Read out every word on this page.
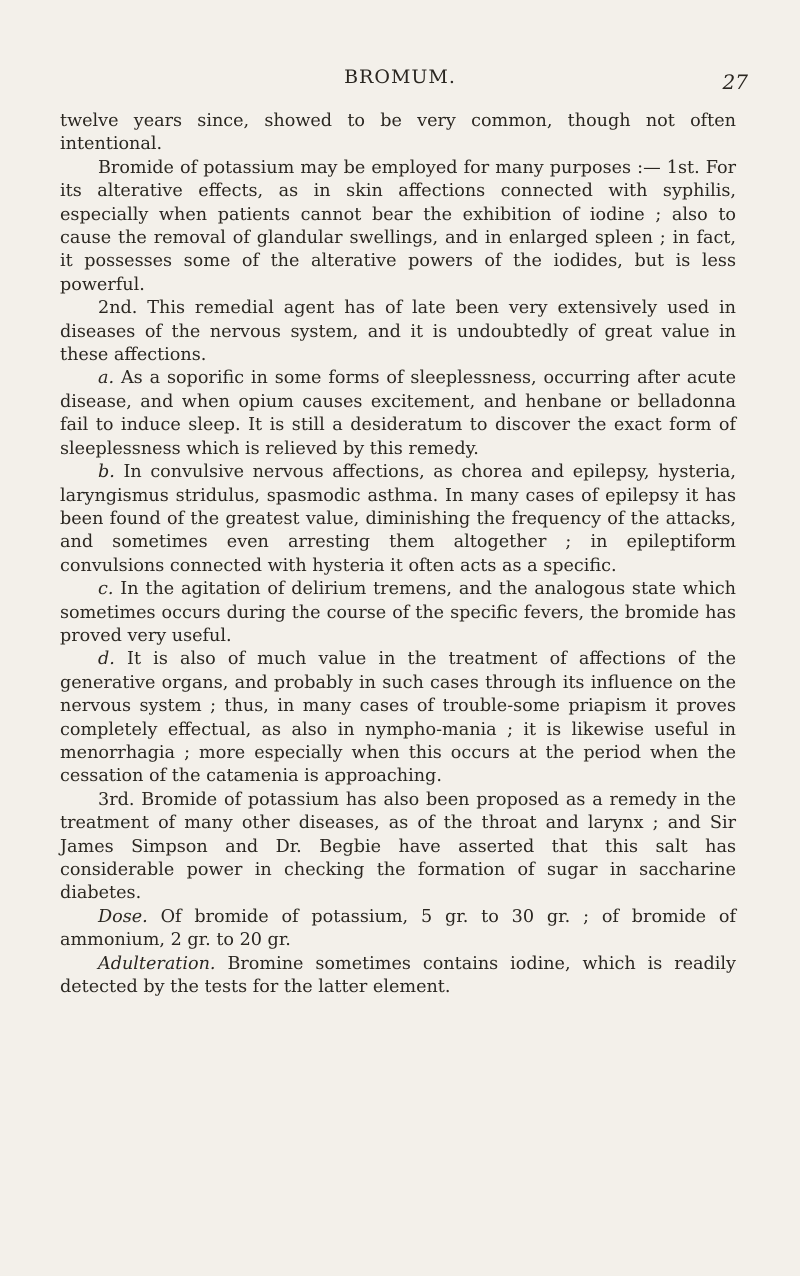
BROMUM.	27

twelve years since, showed to be very common, though not often intentional.

Bromide of potassium may be employed for many purposes :— 1st. For its alterative effects, as in skin affections connected with syphilis, especially when patients cannot bear the exhibition of iodine ; also to cause the removal of glandular swellings, and in enlarged spleen ; in fact, it possesses some of the alterative powers of the iodides, but is less powerful.

2nd. This remedial agent has of late been very extensively used in diseases of the nervous system, and it is undoubtedly of great value in these affections.

a. As a soporific in some forms of sleeplessness, occurring after acute disease, and when opium causes excitement, and henbane or belladonna fail to induce sleep. It is still a desideratum to discover the exact form of sleeplessness which is relieved by this remedy.

b. In convulsive nervous affections, as chorea and epilepsy, hysteria, laryngismus stridulus, spasmodic asthma. In many cases of epilepsy it has been found of the greatest value, diminishing the frequency of the attacks, and sometimes even arresting them altogether ; in epileptiform convulsions connected with hysteria it often acts as a specific.

c. In the agitation of delirium tremens, and the analogous state which sometimes occurs during the course of the specific fevers, the bromide has proved very useful.

d. It is also of much value in the treatment of affections of the generative organs, and probably in such cases through its influence on the nervous system ; thus, in many cases of trouble-some priapism it proves completely effectual, as also in nympho-mania ; it is likewise useful in menorrhagia ; more especially when this occurs at the period when the cessation of the catamenia is approaching.

3rd. Bromide of potassium has also been proposed as a remedy in the treatment of many other diseases, as of the throat and larynx ; and Sir James Simpson and Dr. Begbie have asserted that this salt has considerable power in checking the formation of sugar in saccharine diabetes.

Dose. Of bromide of potassium, 5 gr. to 30 gr. ; of bromide of ammonium, 2 gr. to 20 gr.

Adulteration. Bromine sometimes contains iodine, which is readily detected by the tests for the latter element.
